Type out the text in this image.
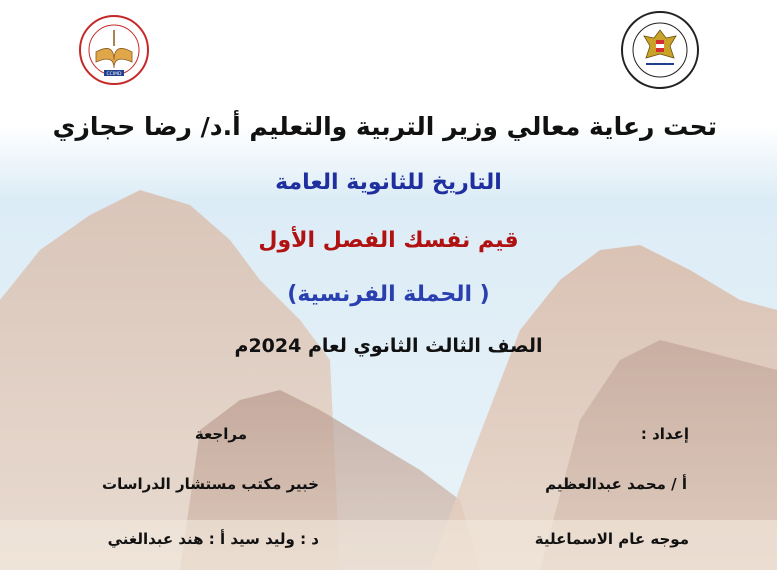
CCIMD
تحت رعاية معالي وزير التربية والتعليم أ.د/ رضا حجازي
التاريخ للثانوية العامة
قيم نفسك الفصل الأول
( الحملة الفرنسية)
الصف الثالث الثانوي لعام 2024م
إعداد :
مراجعة
أ / محمد عبدالعظيم
خبير مكتب مستشار الدراسات
موجه عام الاسماعلية
د : وليد سيد أ : هند عبدالغني
